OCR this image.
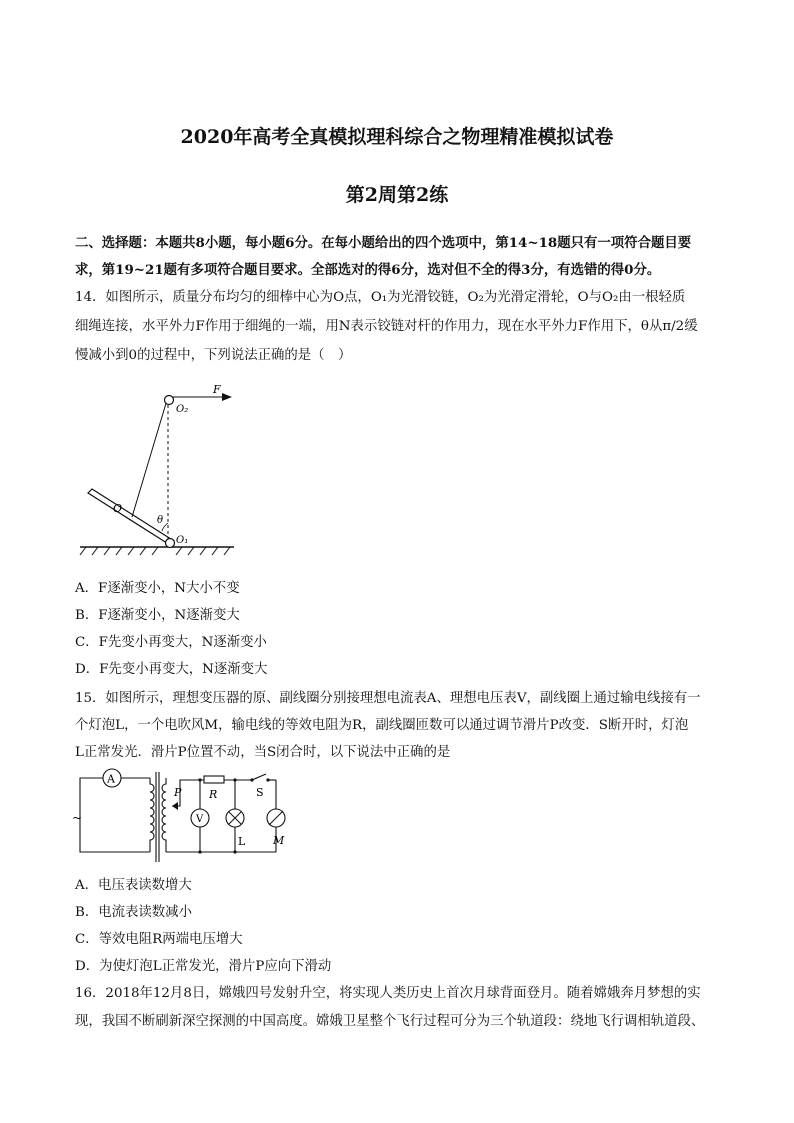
2020年高考全真模拟理科综合之物理精准模拟试卷
第2周第2练
二、选择题：本题共8小题，每小题6分。在每小题给出的四个选项中，第14~18题只有一项符合题目要
求，第19~21题有多项符合题目要求。全部选对的得6分，选对但不全的得3分，有选错的得0分。
14．如图所示，质量分布均匀的细棒中心为O点，O₁为光滑铰链，O₂为光滑定滑轮，O与O₂由一根轻质
细绳连接，水平外力F作用于细绳的一端，用N表示铰链对杆的作用力，现在水平外力F作用下，θ从π/2缓
慢减小到0的过程中，下列说法正确的是（　）
F
O₂
O
θ
O₁
A．F逐渐变小，N大小不变
B．F逐渐变小，N逐渐变大
C．F先变小再变大，N逐渐变小
D．F先变小再变大，N逐渐变大
15．如图所示，理想变压器的原、副线圈分别接理想电流表A、理想电压表V，副线圈上通过输电线接有一
个灯泡L，一个电吹风M，输电线的等效电阻为R，副线圈匝数可以通过调节滑片P改变．S断开时，灯泡
L正常发光．滑片P位置不动，当S闭合时，以下说法中正确的是
A
~
P	R	S
V
L	M
A．电压表读数增大
B．电流表读数减小
C．等效电阻R两端电压增大
D．为使灯泡L正常发光，滑片P应向下滑动
16．2018年12月8日，嫦娥四号发射升空，将实现人类历史上首次月球背面登月。随着嫦娥奔月梦想的实
现，我国不断刷新深空探测的中国高度。嫦娥卫星整个飞行过程可分为三个轨道段：绕地飞行调相轨道段、
